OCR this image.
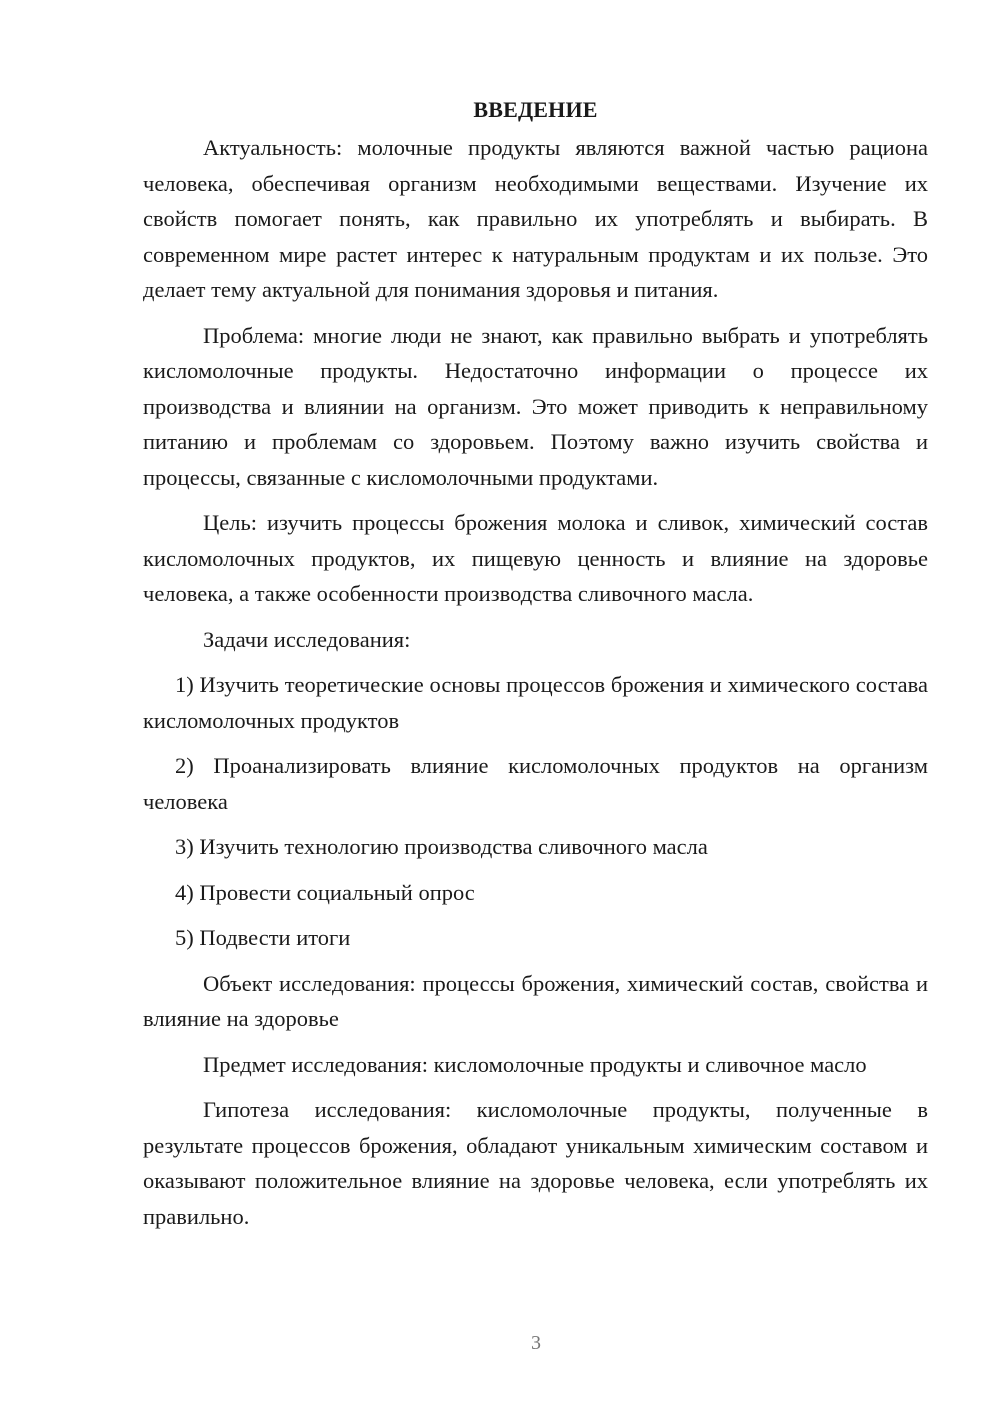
ВВЕДЕНИЕ

Актуальность: молочные продукты являются важной частью рациона человека, обеспечивая организм необходимыми веществами. Изучение их свойств помогает понять, как правильно их употреблять и выбирать. В современном мире растет интерес к натуральным продуктам и их пользе. Это делает тему актуальной для понимания здоровья и питания.

Проблема: многие люди не знают, как правильно выбрать и употреблять кисломолочные продукты. Недостаточно информации о процессе их производства и влиянии на организм. Это может приводить к неправильному питанию и проблемам со здоровьем. Поэтому важно изучить свойства и процессы, связанные с кисломолочными продуктами.

Цель: изучить процессы брожения молока и сливок, химический состав кисломолочных продуктов, их пищевую ценность и влияние на здоровье человека, а также особенности производства сливочного масла.

Задачи исследования:

1) Изучить теоретические основы процессов брожения и химического состава кисломолочных продуктов

2) Проанализировать влияние кисломолочных продуктов на организм человека

3) Изучить технологию производства сливочного масла

4) Провести социальный опрос

5) Подвести итоги

Объект исследования: процессы брожения, химический состав, свойства и влияние на здоровье

Предмет исследования: кисломолочные продукты и сливочное масло

Гипотеза исследования: кисломолочные продукты, полученные в результате процессов брожения, обладают уникальным химическим составом и оказывают положительное влияние на здоровье человека, если употреблять их правильно.

3
